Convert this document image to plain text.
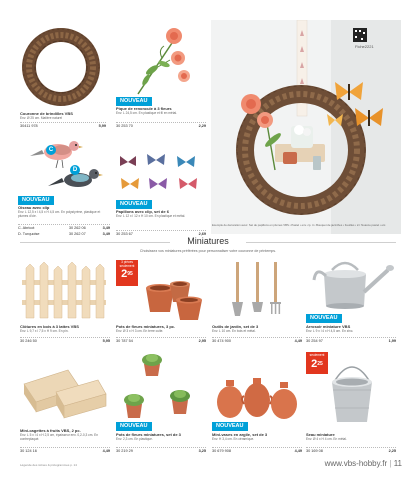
Couronne de brindilles VBS
Env. Ø 25 cm. Matière naturel
30411 978	5,99
NOUVEAU
Pique de renoncule à 3 fleurs
Env. L 24,5 cm. En plastique et fil en métal.
30 253 70	2,29
C
D
NOUVEAU
Oiseau avec clip
Env. L 12,5 x l 4,5 x H 4,5 cm. En polystyrène, plastique et plumes d'oie.
C. Abricot	30 262 06	3,49
D. Turquoise	30 262 07	3,49
NOUVEAU
Papillons avec clip, set de 6
Env. L 12 x l 12 x H 10 cm. En plastique et métal.
30 253 67	2,69
Fiche2221
Exemple de décoration avec: Set de papillons en plumes VBS • Pastel • env. cp. 4 • Bouquet de jacinthes • Feuilles • ici: Nuance pastel • etc.
Miniatures
Choisissez vos miniatures préférées pour personnaliser votre couronne de printemps.
Clôtures en bois à 3 lattes VBS
Env. L 9,7 x l 7,5 x H 9 cm. En pin.
30 246 50	5,95
3 pièces
seulement
$2^{95}$
Pots de fleurs miniatures, 3 pc.
Env. Ø 3 x H 3 cm. En terre cuite.
30 787 54	2,95
Outils de jardin, set de 3
Env. L 10 cm. En bois et métal.
30 474 900	4,49
NOUVEAU
Arrosoir miniature VBS
Env. L 9 x l 4 x H 4,5 cm. En zinc.
30 254 97	1,99
Mini-cagettes à fruits VBS, 2 pc.
Env. L 5 x l 4 x H 2,5 cm, épaisseur env. 0,2-0,3 cm. En contreplaqué.
30 124 16	4,49
NOUVEAU
Pots de fleurs miniatures, set de 3
Env. 2,3 cm. En plastique.
30 219 29	3,25
NOUVEAU
Mini-vases en argile, set de 3
Env. H 3,4 cm. En céramique.
30 679 908	4,49
seulement
$2^{25}$
Seau miniature
Env. Ø 4 x H 4 cm. En métal.
30 169 08	2,25
Légende des icônes & pictogrammes p. 14	www.vbs-hobby.fr | 11
